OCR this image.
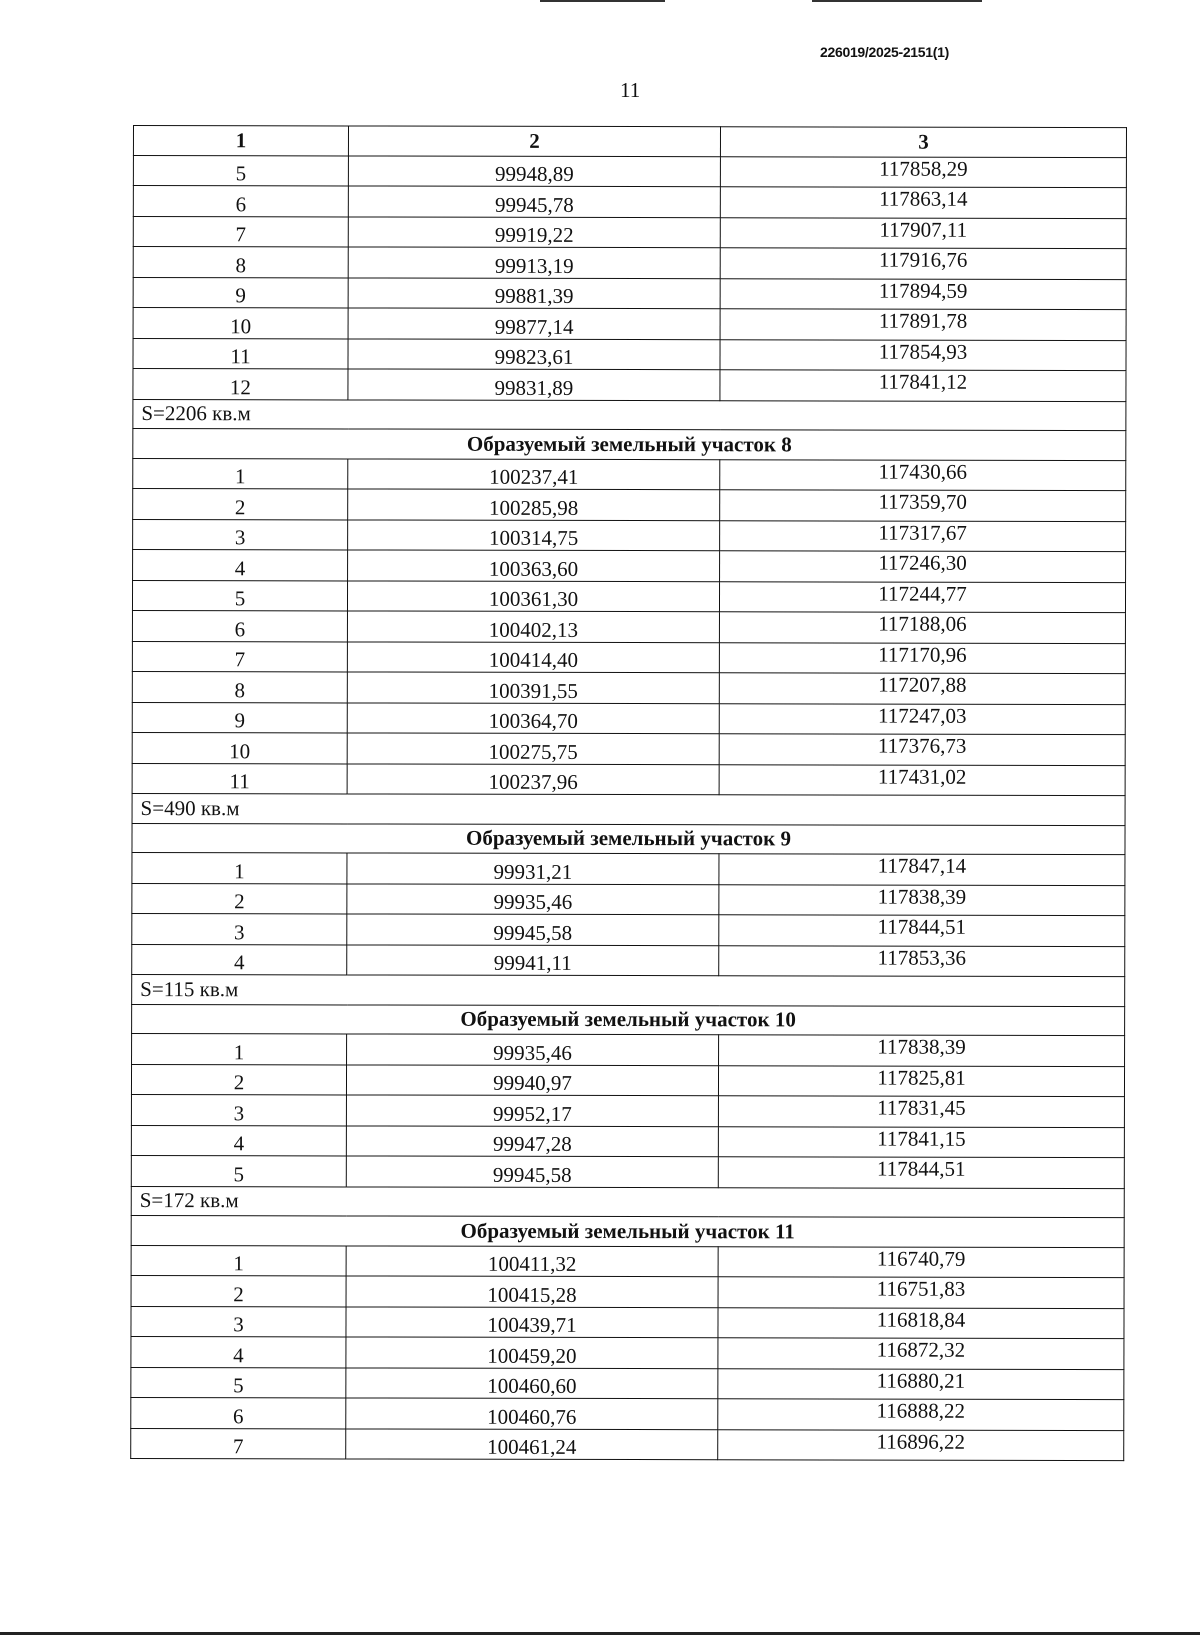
226019/2025-2151(1)
11
1	2	3
5	99948,89	117858,29
6	99945,78	117863,14
7	99919,22	117907,11
8	99913,19	117916,76
9	99881,39	117894,59
10	99877,14	117891,78
11	99823,61	117854,93
12	99831,89	117841,12
S=2206 кв.м		
Образуемый земельный участок 8		
1	100237,41	117430,66
2	100285,98	117359,70
3	100314,75	117317,67
4	100363,60	117246,30
5	100361,30	117244,77
6	100402,13	117188,06
7	100414,40	117170,96
8	100391,55	117207,88
9	100364,70	117247,03
10	100275,75	117376,73
11	100237,96	117431,02
S=490 кв.м		
Образуемый земельный участок 9		
1	99931,21	117847,14
2	99935,46	117838,39
3	99945,58	117844,51
4	99941,11	117853,36
S=115 кв.м		
Образуемый земельный участок 10		
1	99935,46	117838,39
2	99940,97	117825,81
3	99952,17	117831,45
4	99947,28	117841,15
5	99945,58	117844,51
S=172 кв.м		
Образуемый земельный участок 11		
1	100411,32	116740,79
2	100415,28	116751,83
3	100439,71	116818,84
4	100459,20	116872,32
5	100460,60	116880,21
6	100460,76	116888,22
7	100461,24	116896,22
